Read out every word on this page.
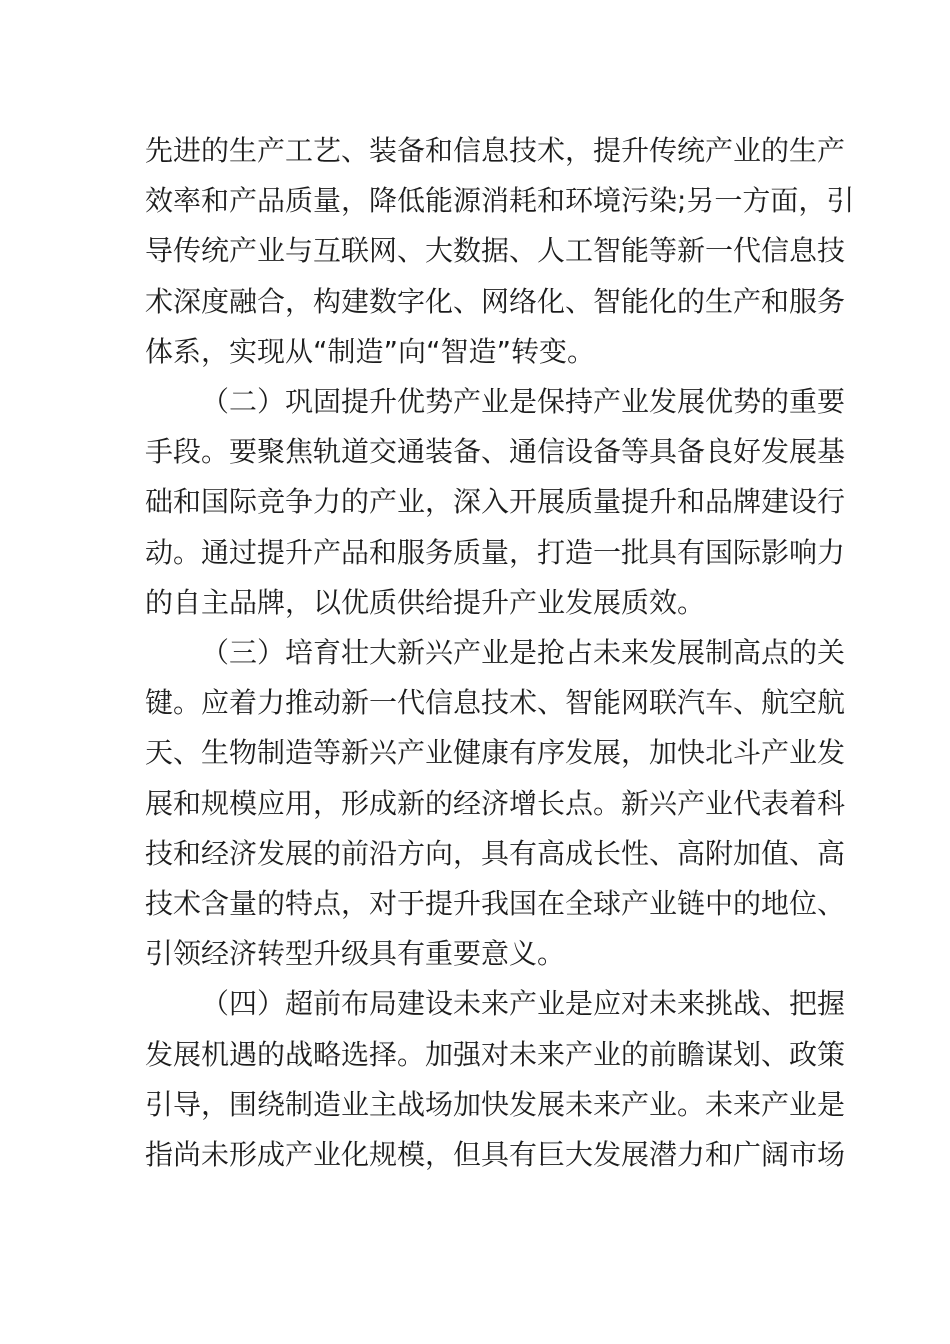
先进的生产工艺、装备和信息技术，提升传统产业的生产
效率和产品质量，降低能源消耗和环境污染;另一方面，引
导传统产业与互联网、大数据、人工智能等新一代信息技
术深度融合，构建数字化、网络化、智能化的生产和服务
体系，实现从“制造”向“智造”转变。
（二）巩固提升优势产业是保持产业发展优势的重要
手段。要聚焦轨道交通装备、通信设备等具备良好发展基
础和国际竞争力的产业，深入开展质量提升和品牌建设行
动。通过提升产品和服务质量，打造一批具有国际影响力
的自主品牌，以优质供给提升产业发展质效。
（三）培育壮大新兴产业是抢占未来发展制高点的关
键。应着力推动新一代信息技术、智能网联汽车、航空航
天、生物制造等新兴产业健康有序发展，加快北斗产业发
展和规模应用，形成新的经济增长点。新兴产业代表着科
技和经济发展的前沿方向，具有高成长性、高附加值、高
技术含量的特点，对于提升我国在全球产业链中的地位、
引领经济转型升级具有重要意义。
（四）超前布局建设未来产业是应对未来挑战、把握
发展机遇的战略选择。加强对未来产业的前瞻谋划、政策
引导，围绕制造业主战场加快发展未来产业。未来产业是
指尚未形成产业化规模，但具有巨大发展潜力和广阔市场
